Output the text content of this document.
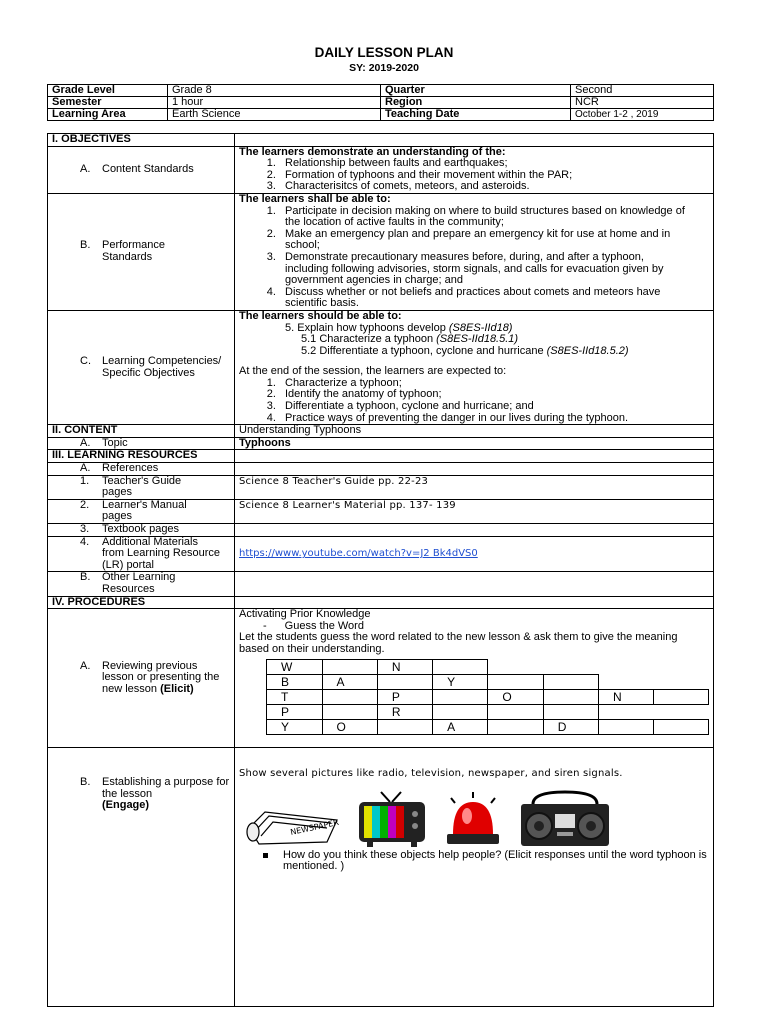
DAILY LESSON PLAN
SY: 2019-2020
Grade Level	Grade 8	Quarter	Second
Semester	1 hour	Region	NCR
Learning Area	Earth Science	Teaching Date	October 1-2 , 2019
I. OBJECTIVES	

A.	Content Standards

The learners demonstrate an understanding of the:
1. Relationship between faults and earthquakes;
2. Formation of typhoons and their movement within the PAR;
3. Characterisitcs of comets, meteors, and asteroids.

B.	Performance Standards

The learners shall be able to:
1. Participate in decision making on where to build structures based on knowledge of the location of active faults in the community;
2. Make an emergency plan and prepare an emergency kit for use at home and in school;
3. Demonstrate precautionary measures before, during, and after a typhoon, including following advisories, storm signals, and calls for evacuation given by government agencies in charge; and
4. Discuss whether or not beliefs and practices about comets and meteors have scientific basis.

C.	Learning Competencies/ Specific Objectives

The learners should be able to:
5. Explain how typhoons develop (S8ES-IId18)
5.1 Characterize a typhoon (S8ES-IId18.5.1)
5.2 Differentiate a typhoon, cyclone and hurricane (S8ES-IId18.5.2)
At the end of the session, the learners are expected to:
1. Characterize a typhoon;
2. Identify the anatomy of typhoon;
3. Differentiate a typhoon, cyclone and hurricane; and
4. Practice ways of preventing the danger in our lives during the typhoon.

II. CONTENT	Understanding Typhoons

A.	Topic	Typhoons
III. LEARNING RESOURCES	

A.	References

1.	Teacher's Guide pages
	Science 8 Teacher's Guide pp. 22-23

2.	Learner's Manual pages
	Science 8 Learner's Material pp. 137- 139

3.	Textbook pages

4.	Additional Materials from Learning Resource (LR) portal
	https://www.youtube.com/watch?v=J2 Bk4dVS0

B.	Other Learning Resources

IV. PROCEDURES	

A.	Reviewing previous lesson or presenting the new lesson (Elicit)

Activating Prior Knowledge
- Guess the Word
Let the students guess the word related to the new lesson & ask them to give the meaning based on their understanding.
W		N					
B	A		Y				
T		P		O		N	
P		R					
Y	O		A		D		

B.	Establishing a purpose for the lesson
(Engage)

Show several pictures like radio, television, newspaper, and siren signals.
NEWSPAPER
How do you think these objects help people? (Elicit responses until the word typhoon is mentioned. )
